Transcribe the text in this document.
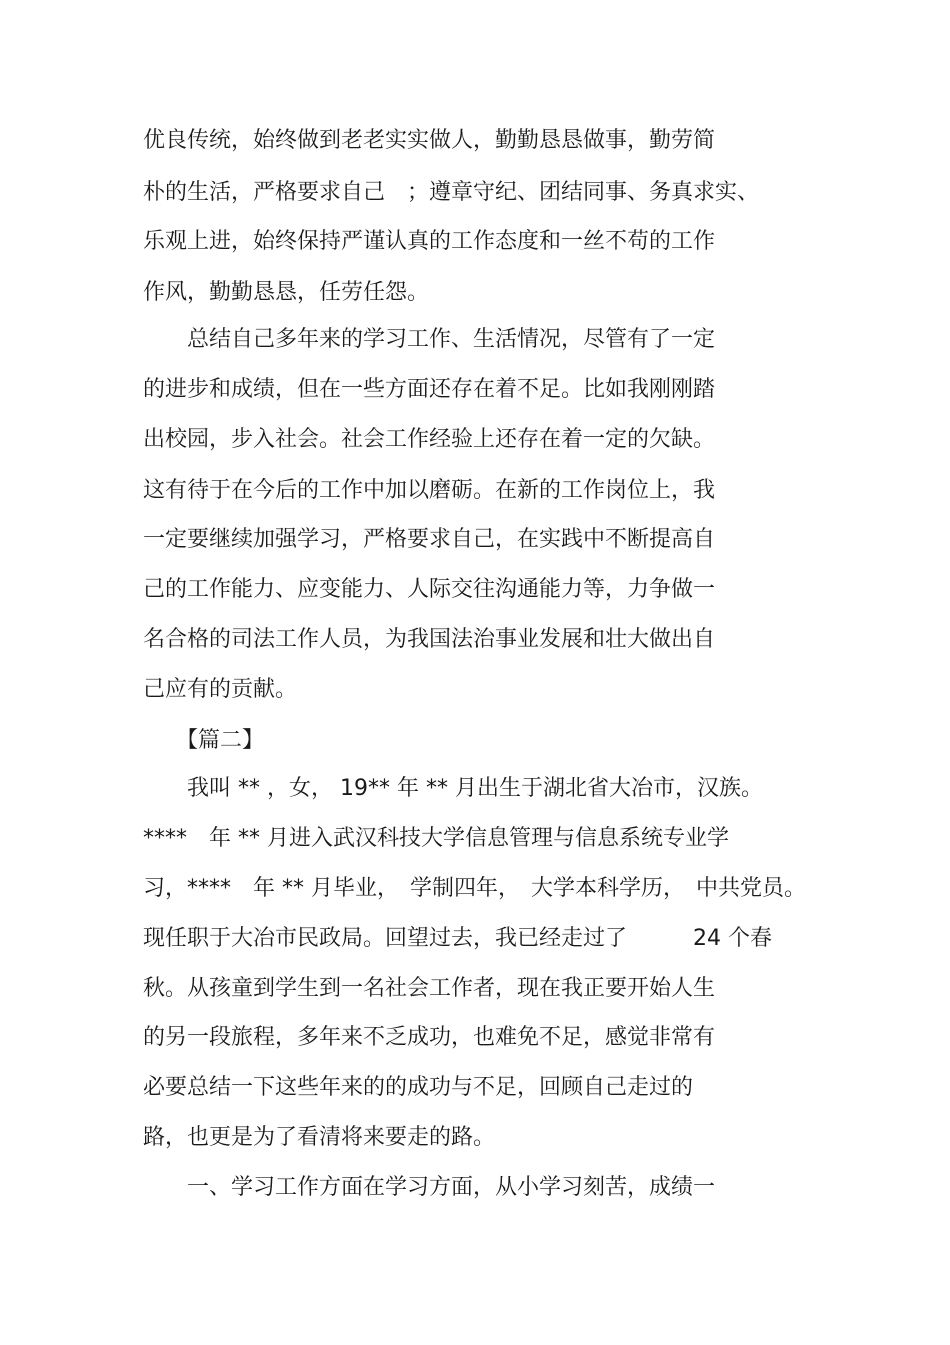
优良传统，始终做到老老实实做人，勤勤恳恳做事，勤劳简
朴的生活，严格要求自己　；遵章守纪、团结同事、务真求实、
乐观上进，始终保持严谨认真的工作态度和一丝不苟的工作
作风，勤勤恳恳，任劳任怨。
　　总结自己多年来的学习工作、生活情况，尽管有了一定
的进步和成绩，但在一些方面还存在着不足。比如我刚刚踏
出校园，步入社会。社会工作经验上还存在着一定的欠缺。
这有待于在今后的工作中加以磨砺。在新的工作岗位上，我
一定要继续加强学习，严格要求自己，在实践中不断提高自
己的工作能力、应变能力、人际交往沟通能力等，力争做一
名合格的司法工作人员，为我国法治事业发展和壮大做出自
己应有的贡献。
　　【篇二】
　　我叫 ** ，女， 19** 年 ** 月出生于湖北省大冶市，汉族。
****　年 ** 月进入武汉科技大学信息管理与信息系统专业学
习，****　年 ** 月毕业，　学制四年，　大学本科学历，　中共党员。
现任职于大冶市民政局。回望过去，我已经走过了　　　24 个春
秋。从孩童到学生到一名社会工作者，现在我正要开始人生
的另一段旅程，多年来不乏成功，也难免不足，感觉非常有
必要总结一下这些年来的的成功与不足，回顾自己走过的
路，也更是为了看清将来要走的路。
　　一、学习工作方面在学习方面，从小学习刻苦，成绩一
